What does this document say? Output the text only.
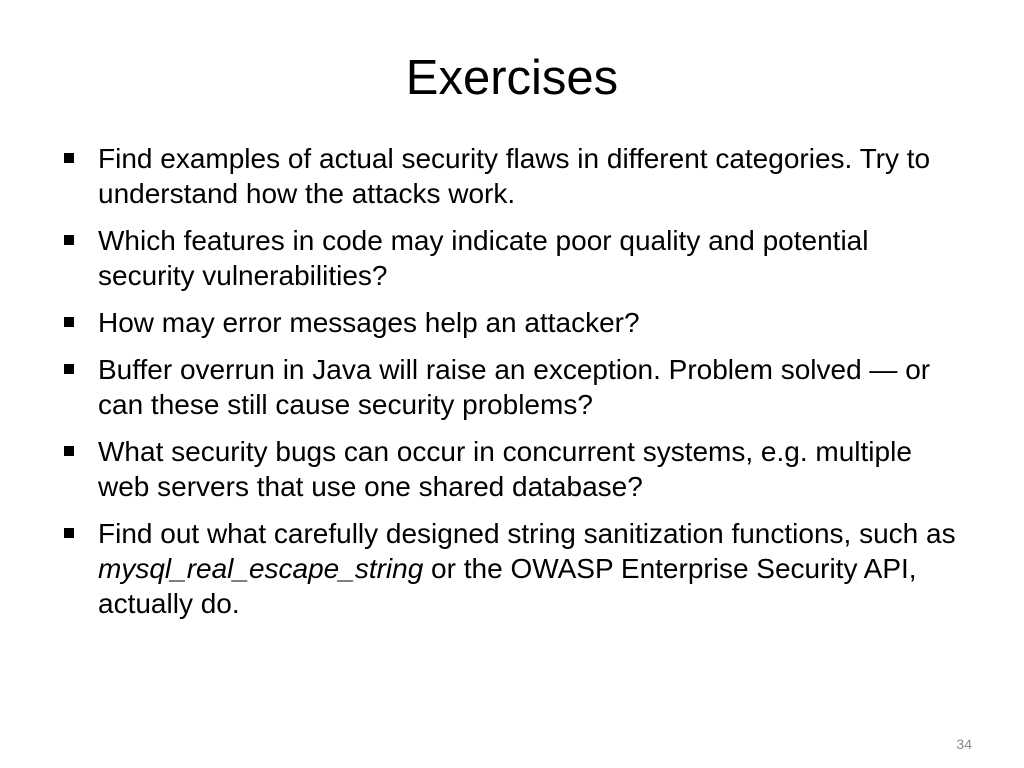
Exercises
Find examples of actual security flaws in different categories. Try to understand how the attacks work.
Which features in code may indicate poor quality and potential security vulnerabilities?
How may error messages help an attacker?
Buffer overrun in Java will raise an exception. Problem solved — or can these still cause security problems?
What security bugs can occur in concurrent systems, e.g. multiple web servers that use one shared database?
Find out what carefully designed string sanitization functions, such as mysql_real_escape_string or the OWASP Enterprise Security API, actually do.
34
